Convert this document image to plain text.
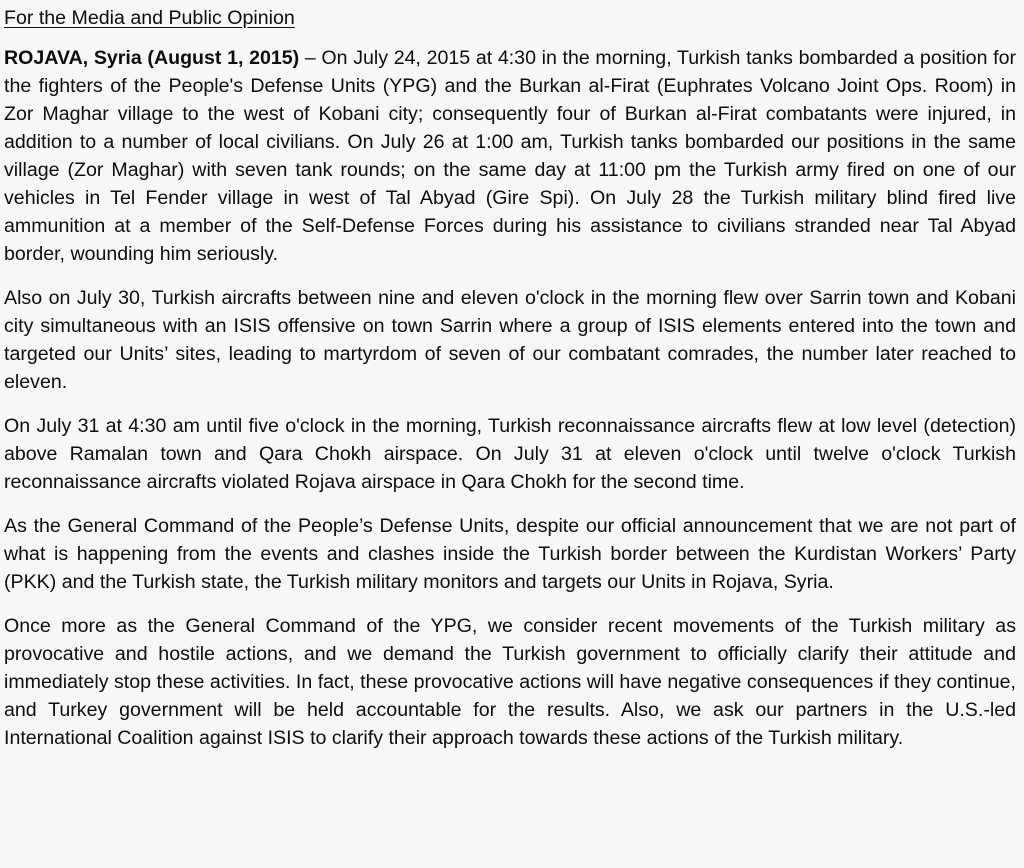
For the Media and Public Opinion

ROJAVA, Syria (August 1, 2015) – On July 24, 2015 at 4:30 in the morning, Turkish tanks bombarded a position for the fighters of the People's Defense Units (YPG) and the Burkan al-Firat (Euphrates Volcano Joint Ops. Room) in Zor Maghar village to the west of Kobani city; consequently four of Burkan al-Firat combatants were injured, in addition to a number of local civilians. On July 26 at 1:00 am, Turkish tanks bombarded our positions in the same village (Zor Maghar) with seven tank rounds; on the same day at 11:00 pm the Turkish army fired on one of our vehicles in Tel Fender village in west of Tal Abyad (Gire Spi). On July 28 the Turkish military blind fired live ammunition at a member of the Self-Defense Forces during his assistance to civilians stranded near Tal Abyad border, wounding him seriously.

Also on July 30, Turkish aircrafts between nine and eleven o'clock in the morning flew over Sarrin town and Kobani city simultaneous with an ISIS offensive on town Sarrin where a group of ISIS elements entered into the town and targeted our Units’ sites, leading to martyrdom of seven of our combatant comrades, the number later reached to eleven.

On July 31 at 4:30 am until five o'clock in the morning, Turkish reconnaissance aircrafts flew at low level (detection) above Ramalan town and Qara Chokh airspace. On July 31 at eleven o'clock until twelve o'clock Turkish reconnaissance aircrafts violated Rojava airspace in Qara Chokh for the second time.

As the General Command of the People’s Defense Units, despite our official announcement that we are not part of what is happening from the events and clashes inside the Turkish border between the Kurdistan Workers’ Party (PKK) and the Turkish state, the Turkish military monitors and targets our Units in Rojava, Syria.

Once more as the General Command of the YPG, we consider recent movements of the Turkish military as provocative and hostile actions, and we demand the Turkish government to officially clarify their attitude and immediately stop these activities. In fact, these provocative actions will have negative consequences if they continue, and Turkey government will be held accountable for the results. Also, we ask our partners in the U.S.-led International Coalition against ISIS to clarify their approach towards these actions of the Turkish military.
